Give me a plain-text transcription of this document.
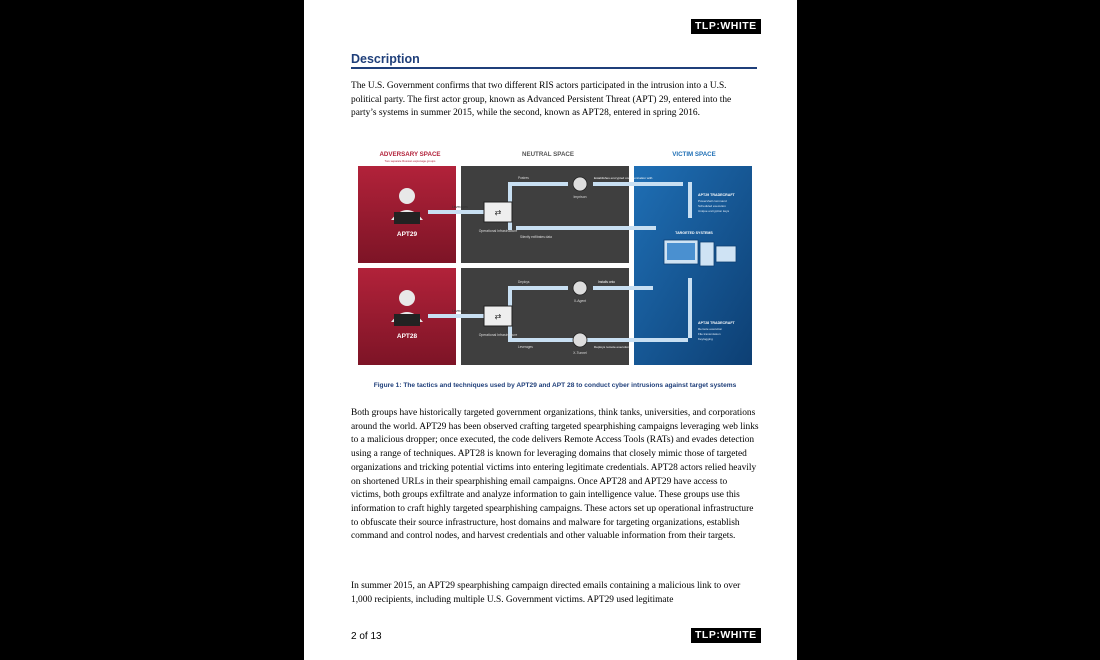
TLP:WHITE
Description

The U.S. Government confirms that two different RIS actors participated in the intrusion into a U.S. political party. The first actor group, known as Advanced Persistent Threat (APT) 29, entered into the party’s systems in summer 2015, while the second, known as APT28, entered in spring 2016.

ADVERSARY SPACE
Two separate Russian espionage groups
NEUTRAL SPACE	VICTIM SPACE
APT29
APT28
⇄
Operational Infrastructure
⇄
Operational Infrastructure
Leverages
Leverages
Imprison
X-Agent
X-Tunnel
Postres	Establishes encrypted communication with
Silently exfiltrates data
Deploys	Installs onto
Leverages	Deploys remote execution
APT29 TRADECRAFT
Powershell command
Scheduled execution
Unique encryption keys
TARGETED SYSTEMS
APT28 TRADECRAFT
Remote execution
File transmission
Keylogging
Figure 1: The tactics and techniques used by APT29 and APT 28 to conduct cyber intrusions against target systems

Both groups have historically targeted government organizations, think tanks, universities, and corporations around the world. APT29 has been observed crafting targeted spearphishing campaigns leveraging web links to a malicious dropper; once executed, the code delivers Remote Access Tools (RATs) and evades detection using a range of techniques. APT28 is known for leveraging domains that closely mimic those of targeted organizations and tricking potential victims into entering legitimate credentials. APT28 actors relied heavily on shortened URLs in their spearphishing email campaigns. Once APT28 and APT29 have access to victims, both groups exfiltrate and analyze information to gain intelligence value. These groups use this information to craft highly targeted spearphishing campaigns. These actors set up operational infrastructure to obfuscate their source infrastructure, host domains and malware for targeting organizations, establish command and control nodes, and harvest credentials and other valuable information from their targets.

In summer 2015, an APT29 spearphishing campaign directed emails containing a malicious link to over 1,000 recipients, including multiple U.S. Government victims. APT29 used legitimate

2 of 13	TLP:WHITE
